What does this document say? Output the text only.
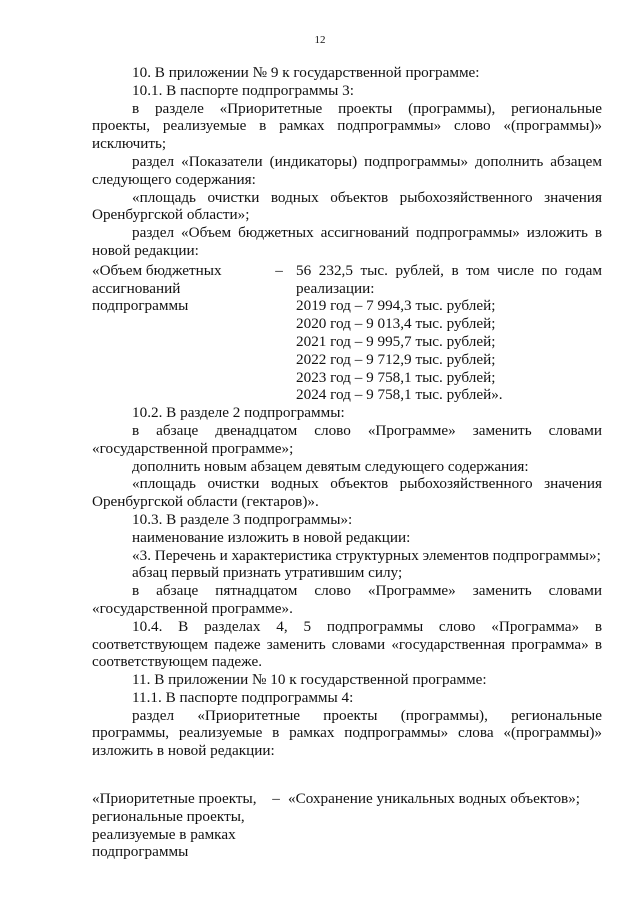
12

10. В приложении № 9 к государственной программе:

10.1. В паспорте подпрограммы 3:

в разделе «Приоритетные проекты (программы), региональные проекты, реализуемые в рамках подпрограммы» слово «(программы)» исключить;

раздел «Показатели (индикаторы) подпрограммы» дополнить абзацем следующего содержания:

«площадь очистки водных объектов рыбохозяйственного значения Оренбургской области»;

раздел «Объем бюджетных ассигнований подпрограммы» изложить в новой редакции:

«Объем бюджетных ассигнований подпрограммы
– 56 232,5 тыс. рублей, в том числе по годам реализации:

2019 год – 7 994,3 тыс. рублей;

2020 год – 9 013,4 тыс. рублей;

2021 год – 9 995,7 тыс. рублей;

2022 год – 9 712,9 тыс. рублей;

2023 год – 9 758,1 тыс. рублей;

2024 год – 9 758,1 тыс. рублей».

10.2. В разделе 2 подпрограммы:

в абзаце двенадцатом слово «Программе» заменить словами «государственной программе»;

дополнить новым абзацем девятым следующего содержания:

«площадь очистки водных объектов рыбохозяйственного значения Оренбургской области (гектаров)».

10.3. В разделе 3 подпрограммы»:

наименование изложить в новой редакции:

«3. Перечень и характеристика структурных элементов подпрограммы»;

абзац первый признать утратившим силу;

в абзаце пятнадцатом слово «Программе» заменить словами «государственной программе».

10.4. В разделах 4, 5 подпрограммы слово «Программа» в соответствующем падеже заменить словами «государственная программа» в соответствующем падеже.

11. В приложении № 10 к государственной программе:

11.1. В паспорте подпрограммы 4:

раздел «Приоритетные проекты (программы), региональные программы, реализуемые в рамках подпрограммы» слова «(программы)» изложить в новой редакции:

«Приоритетные проекты, региональные проекты, реализуемые в рамках подпрограммы
– «Сохранение уникальных водных объектов»;
